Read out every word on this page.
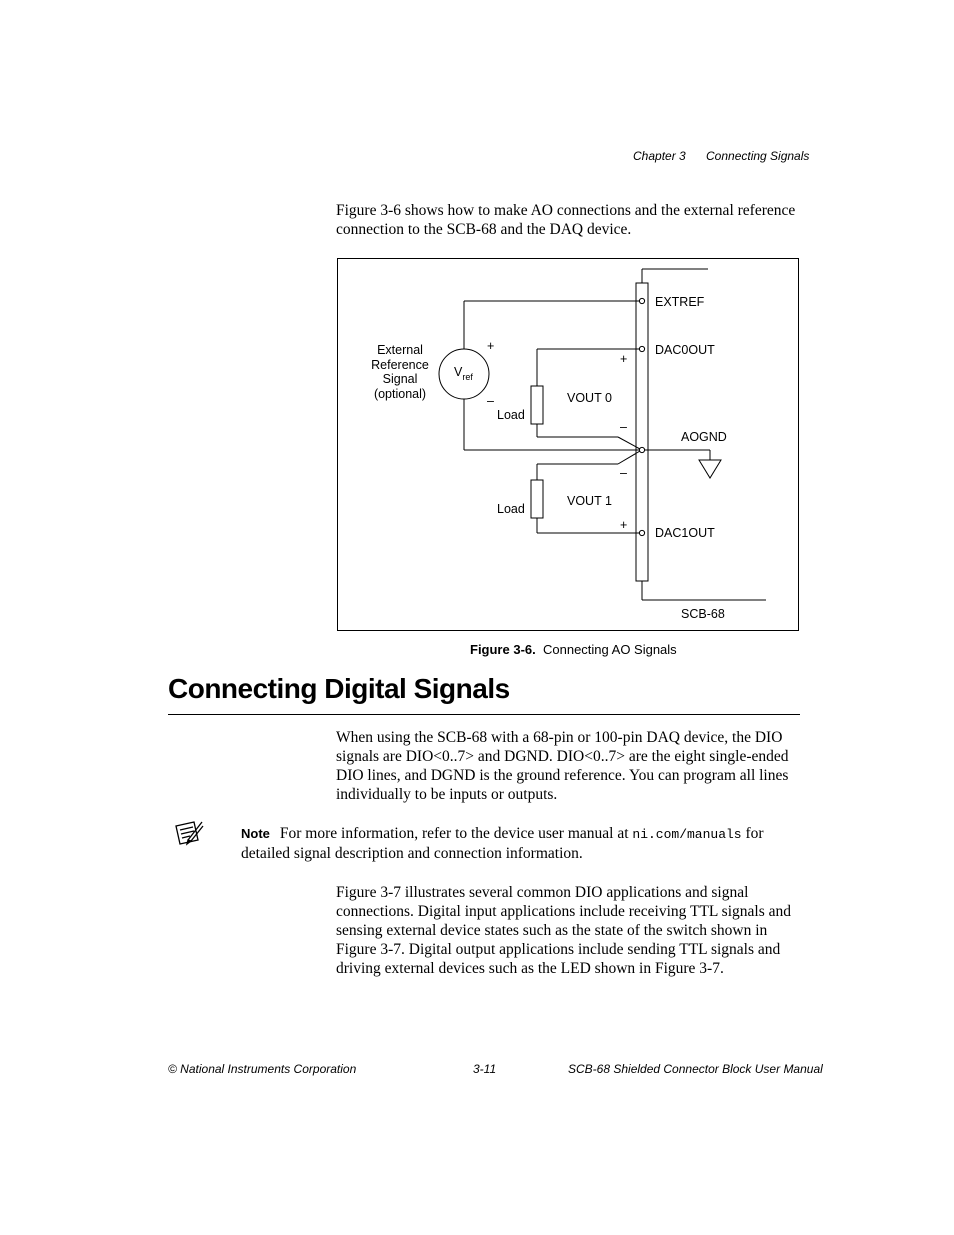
Chapter 3 Connecting Signals
Figure 3-6 shows how to make AO connections and the external reference connection to the SCB-68 and the DAQ device.
External
Reference
Signal
(optional)
$V_{ref}$
+
–
EXTREF
DAC0OUT
AOGND
DAC1OUT
VOUT 0
VOUT 1
Load
Load
+
–
–
+
SCB-68
Figure 3-6. Connecting AO Signals
Connecting Digital Signals
When using the SCB-68 with a 68-pin or 100-pin DAQ device, the DIO signals are DIO<0..7> and DGND. DIO<0..7> are the eight single-ended DIO lines, and DGND is the ground reference. You can program all lines individually to be inputs or outputs.
Note For more information, refer to the device user manual at ni.com/manuals for detailed signal description and connection information.
Figure 3-7 illustrates several common DIO applications and signal connections. Digital input applications include receiving TTL signals and sensing external device states such as the state of the switch shown in Figure 3-7. Digital output applications include sending TTL signals and driving external devices such as the LED shown in Figure 3-7.
© National Instruments Corporation	3-11	SCB-68 Shielded Connector Block User Manual
